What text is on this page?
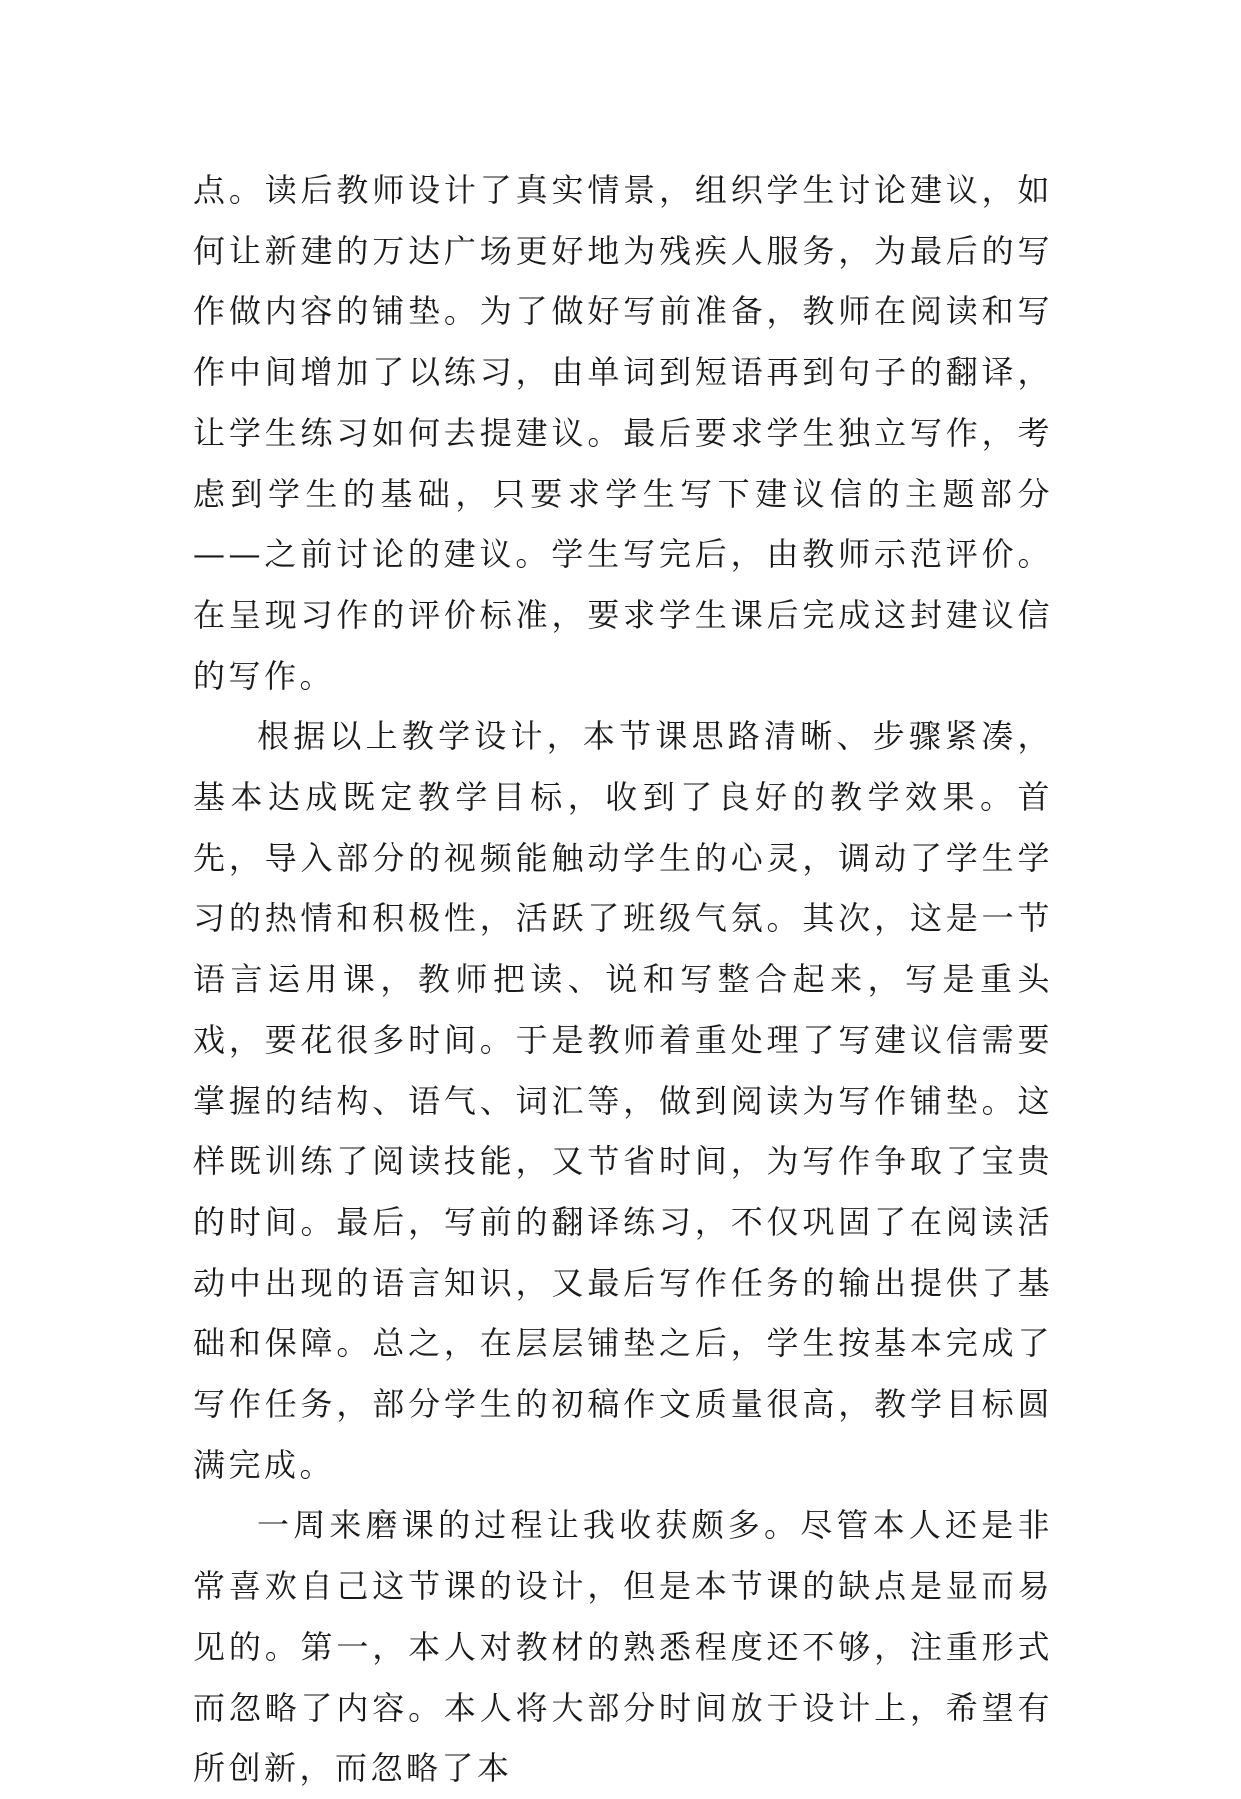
点。读后教师设计了真实情景，组织学生讨论建议，如何让新建的万达广场更好地为残疾人服务，为最后的写作做内容的铺垫。为了做好写前准备，教师在阅读和写作中间增加了以练习，由单词到短语再到句子的翻译，让学生练习如何去提建议。最后要求学生独立写作，考虑到学生的基础，只要求学生写下建议信的主题部分——之前讨论的建议。学生写完后，由教师示范评价。在呈现习作的评价标准，要求学生课后完成这封建议信的写作。

根据以上教学设计，本节课思路清晰、步骤紧凑，基本达成既定教学目标，收到了良好的教学效果。首先，导入部分的视频能触动学生的心灵，调动了学生学习的热情和积极性，活跃了班级气氛。其次，这是一节语言运用课，教师把读、说和写整合起来，写是重头戏，要花很多时间。于是教师着重处理了写建议信需要掌握的结构、语气、词汇等，做到阅读为写作铺垫。这样既训练了阅读技能，又节省时间，为写作争取了宝贵的时间。最后，写前的翻译练习，不仅巩固了在阅读活动中出现的语言知识，又最后写作任务的输出提供了基础和保障。总之，在层层铺垫之后，学生按基本完成了写作任务，部分学生的初稿作文质量很高，教学目标圆满完成。

一周来磨课的过程让我收获颇多。尽管本人还是非常喜欢自己这节课的设计，但是本节课的缺点是显而易见的。第一，本人对教材的熟悉程度还不够，注重形式而忽略了内容。本人将大部分时间放于设计上，希望有所创新，而忽略了本
